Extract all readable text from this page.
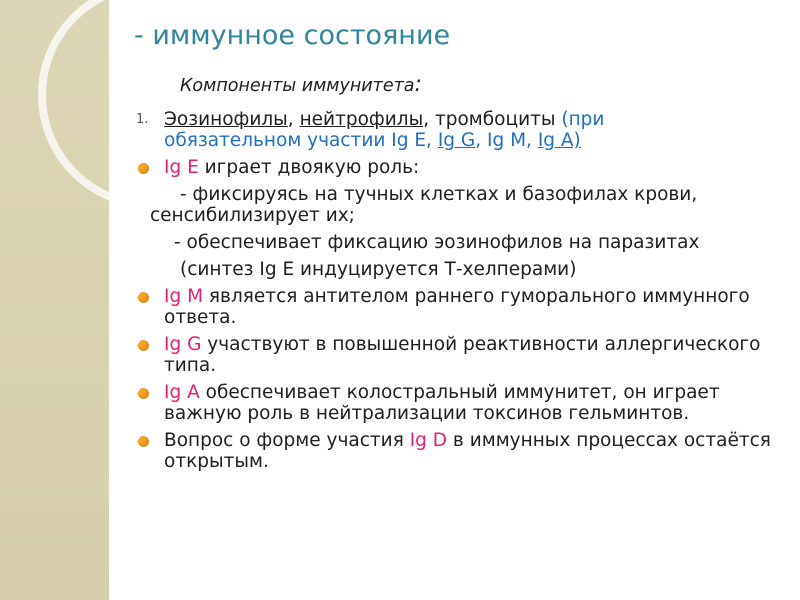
- иммунное состояние
Компоненты иммунитета:
1. Эозинофилы, нейтрофилы, тромбоциты (при
обязательном участии Ig E, Ig G, Ig M, Ig A)
Ig E играет двоякую роль:
- фиксируясь на тучных клетках и базофилах крови,
сенсибилизирует их;
- обеспечивает фиксацию эозинофилов на паразитах
(синтез Ig E индуцируется Т-хелперами)
Ig M является антителом раннего гуморального иммунного ответа.
Ig G участвуют в повышенной реактивности аллергического типа.
Ig A обеспечивает колостральный иммунитет, он играет важную роль в нейтрализации токсинов гельминтов.
Вопрос о форме участия Ig D в иммунных процессах остаётся открытым.
